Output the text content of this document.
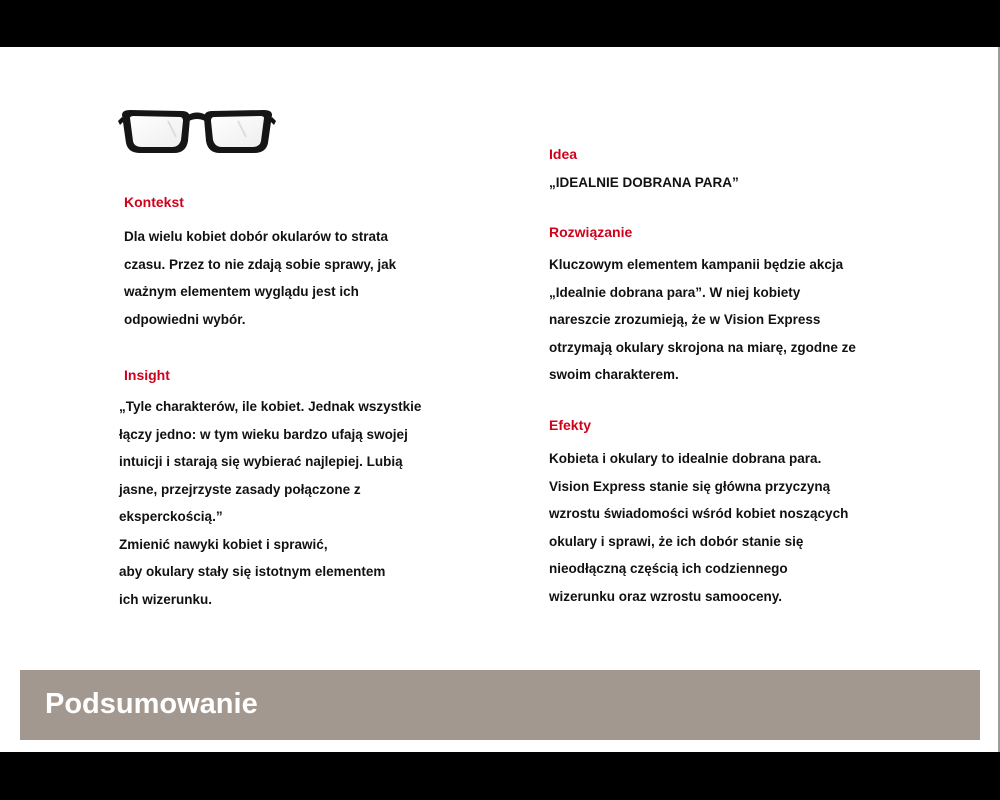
Kontekst
Dla wielu kobiet dobór okularów to strata
czasu. Przez to nie zdają sobie sprawy, jak
ważnym elementem wyglądu jest ich
odpowiedni wybór.
Insight
„Tyle charakterów, ile kobiet. Jednak wszystkie
łączy jedno: w tym wieku bardzo ufają swojej
intuicji i starają się wybierać najlepiej. Lubią
jasne, przejrzyste zasady połączone z
eksperckością.”
Zmienić nawyki kobiet i sprawić,
aby okulary stały się istotnym elementem
ich wizerunku.
Idea
„IDEALNIE DOBRANA PARA”
Rozwiązanie
Kluczowym elementem kampanii będzie akcja
„Idealnie dobrana para”. W niej kobiety
nareszcie zrozumieją, że w Vision Express
otrzymają okulary skrojona na miarę, zgodne ze
swoim charakterem.
Efekty
Kobieta i okulary to idealnie dobrana para.
Vision Express stanie się główna przyczyną
wzrostu świadomości wśród kobiet noszących
okulary i sprawi, że ich dobór stanie się
nieodłączną częścią ich codziennego
wizerunku oraz wzrostu samooceny.
Podsumowanie
